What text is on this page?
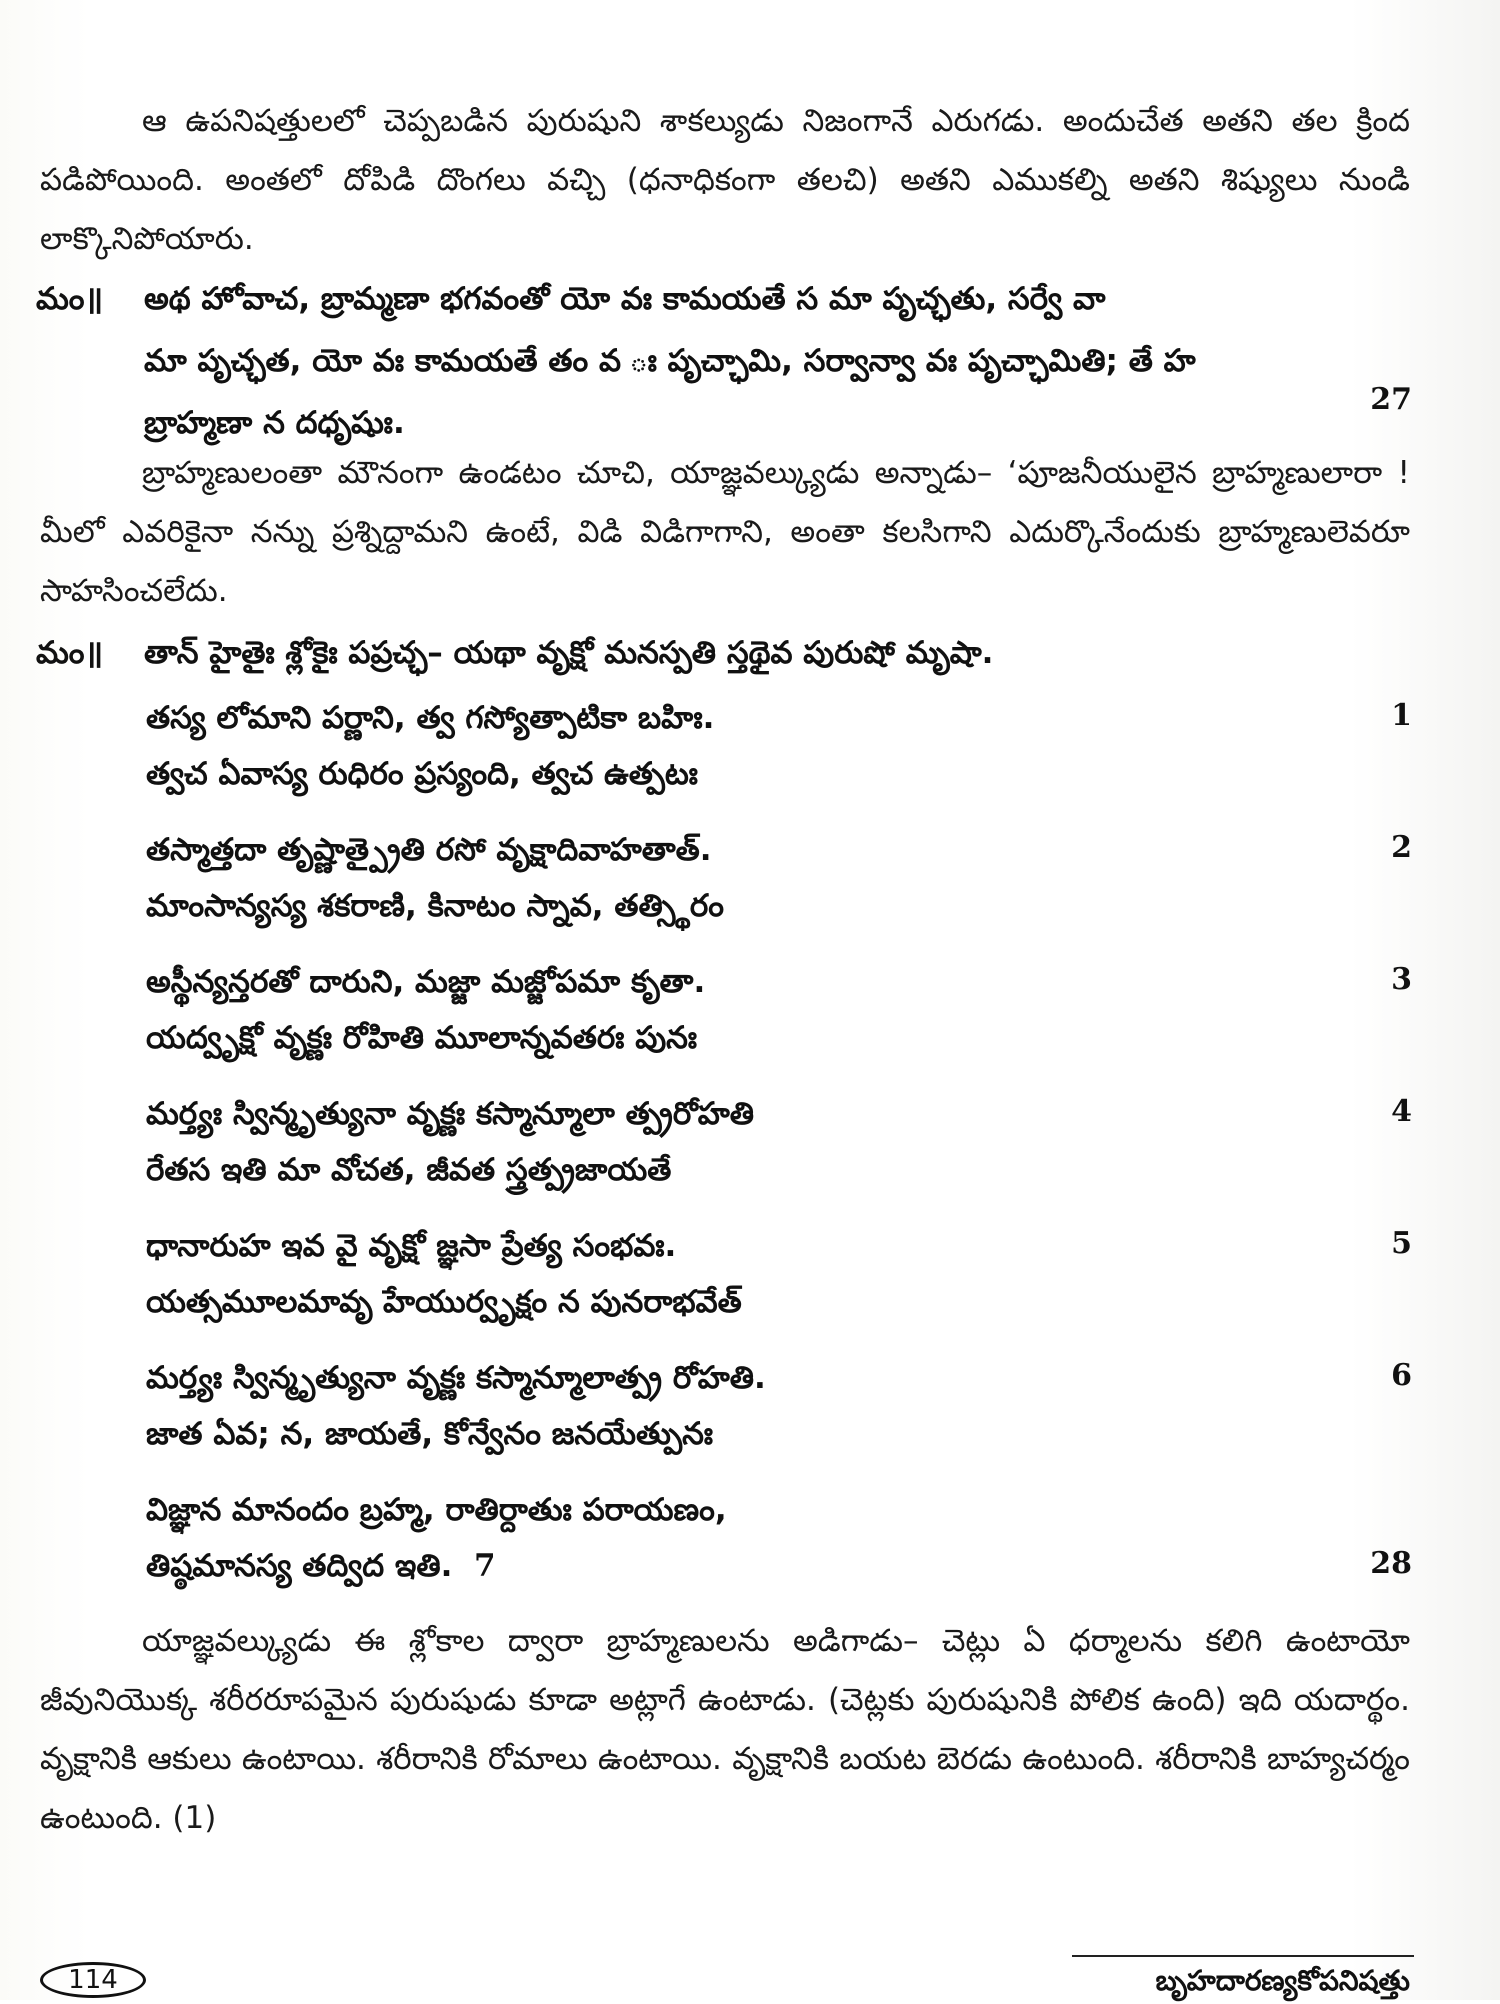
ఆ ఉపనిషత్తులలో చెప్పబడిన పురుషుని శాకల్యుడు నిజంగానే ఎరుగడు. అందుచేత అతని తల క్రింద పడిపోయింది. అంతలో దోపిడి దొంగలు వచ్చి (ధనాధికంగా తలచి) అతని ఎముకల్ని అతని శిష్యులు నుండి లాక్కొనిపోయారు.

మం॥ అథ హోవాచ, బ్రామ్మణా భగవంతో యో వః కామయతే స మా పృచ్ఛతు, సర్వే వా
మా పృచ్ఛత, యో వః కామయతే తం వ ః పృచ్ఛామి, సర్వాన్వా వః పృచ్ఛామితి; తే హ
బ్రాహ్మణా న దధృషుః.
27

బ్రాహ్మణులంతా మౌనంగా ఉండటం చూచి, యాజ్ఞవల్క్యుడు అన్నాడు– ‘పూజనీయులైన బ్రాహ్మణులారా ! మీలో ఎవరికైనా నన్ను ప్రశ్నిద్దామని ఉంటే, విడి విడిగాగాని, అంతా కలసిగాని ఎదుర్కొనేందుకు బ్రాహ్మణులెవరూ సాహసించలేదు.

మం॥ తాన్ హైతైః శ్లోకైః పప్రచ్ఛ– యథా వృక్షో మనస్పతి స్తథైవ పురుషో మృషా.
తస్య లోమాని పర్ణాని, త్వ గస్యోత్పాటికా బహిః.	1
త్వచ ఏవాస్య రుధిరం ప్రస్యంది, త్వచ ఉత్పటః
తస్మాత్తదా తృష్ణాత్ప్రైతి రసో వృక్షాదివాహతాత్.	2
మాంసాన్యస్య శకరాణి, కినాటం స్నావ, తత్స్థిరం
అస్థీన్యన్తరతో దారుని, మజ్జా మజ్జోపమా కృతా.	3
యద్వృక్షో వృక్ణః రోహితి మూలాన్నవతరః పునః
మర్త్యః స్విన్మృత్యునా వృక్ణః కస్మాన్మూలా త్ప్రరోహతి	4
రేతస ఇతి మా వోచత, జీవత స్త్రత్ప్రజాయతే
ధానారుహ ఇవ వై వృక్షో జ్ఞసా ప్రేత్య సంభవః.	5
యత్సమూలమావృ హేయుర్వృక్షం న పునరాభవేత్
మర్త్యః స్విన్మృత్యునా వృక్ణః కస్మాన్మూలాత్ప్ర రోహతి.	6
జాత ఏవ; న, జాయతే, కోన్వేనం జనయేత్పునః
విజ్ఞాన మానందం బ్రహ్మ, రాతిర్దాతుః పరాయణం,
తిష్ఠమానస్య తద్విద ఇతి. 7	28

యాజ్ఞవల్క్యుడు ఈ శ్లోకాల ద్వారా బ్రాహ్మణులను అడిగాడు– చెట్లు ఏ ధర్మాలను కలిగి ఉంటాయో జీవునియొక్క శరీరరూపమైన పురుషుడు కూడా అట్లాగే ఉంటాడు. (చెట్లకు పురుషునికి పోలిక ఉంది) ఇది యదార్థం. వృక్షానికి ఆకులు ఉంటాయి. శరీరానికి రోమాలు ఉంటాయి. వృక్షానికి బయట బెరడు ఉంటుంది. శరీరానికి బాహ్యచర్మం ఉంటుంది. (1)

114	బృహదారణ్యకోపనిషత్తు
